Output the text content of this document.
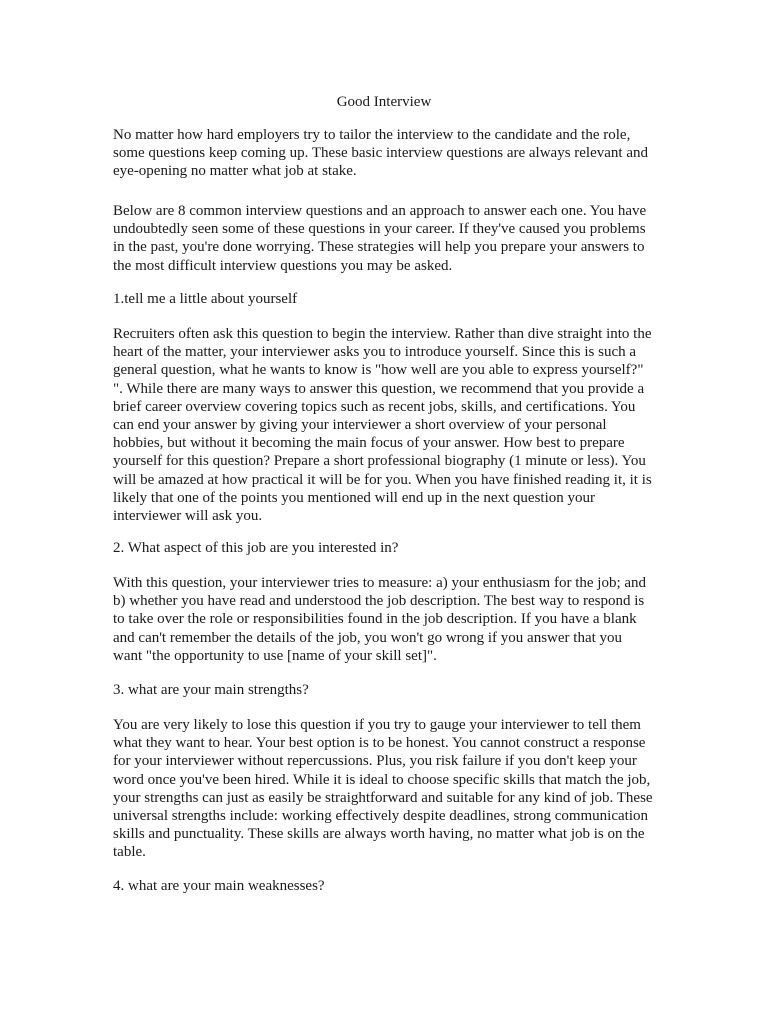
Good Interview

No matter how hard employers try to tailor the interview to the candidate and the role,
some questions keep coming up. These basic interview questions are always relevant and
eye-opening no matter what job at stake.

Below are 8 common interview questions and an approach to answer each one. You have
undoubtedly seen some of these questions in your career. If they've caused you problems
in the past, you're done worrying. These strategies will help you prepare your answers to
the most difficult interview questions you may be asked.

1.tell me a little about yourself

Recruiters often ask this question to begin the interview. Rather than dive straight into the
heart of the matter, your interviewer asks you to introduce yourself. Since this is such a
general question, what he wants to know is "how well are you able to express yourself?"
". While there are many ways to answer this question, we recommend that you provide a
brief career overview covering topics such as recent jobs, skills, and certifications. You
can end your answer by giving your interviewer a short overview of your personal
hobbies, but without it becoming the main focus of your answer. How best to prepare
yourself for this question? Prepare a short professional biography (1 minute or less). You
will be amazed at how practical it will be for you. When you have finished reading it, it is
likely that one of the points you mentioned will end up in the next question your
interviewer will ask you.

2. What aspect of this job are you interested in?

With this question, your interviewer tries to measure: a) your enthusiasm for the job; and
b) whether you have read and understood the job description. The best way to respond is
to take over the role or responsibilities found in the job description. If you have a blank
and can't remember the details of the job, you won't go wrong if you answer that you
want "the opportunity to use [name of your skill set]".

3. what are your main strengths?

You are very likely to lose this question if you try to gauge your interviewer to tell them
what they want to hear. Your best option is to be honest. You cannot construct a response
for your interviewer without repercussions. Plus, you risk failure if you don't keep your
word once you've been hired. While it is ideal to choose specific skills that match the job,
your strengths can just as easily be straightforward and suitable for any kind of job. These
universal strengths include: working effectively despite deadlines, strong communication
skills and punctuality. These skills are always worth having, no matter what job is on the
table.

4. what are your main weaknesses?
